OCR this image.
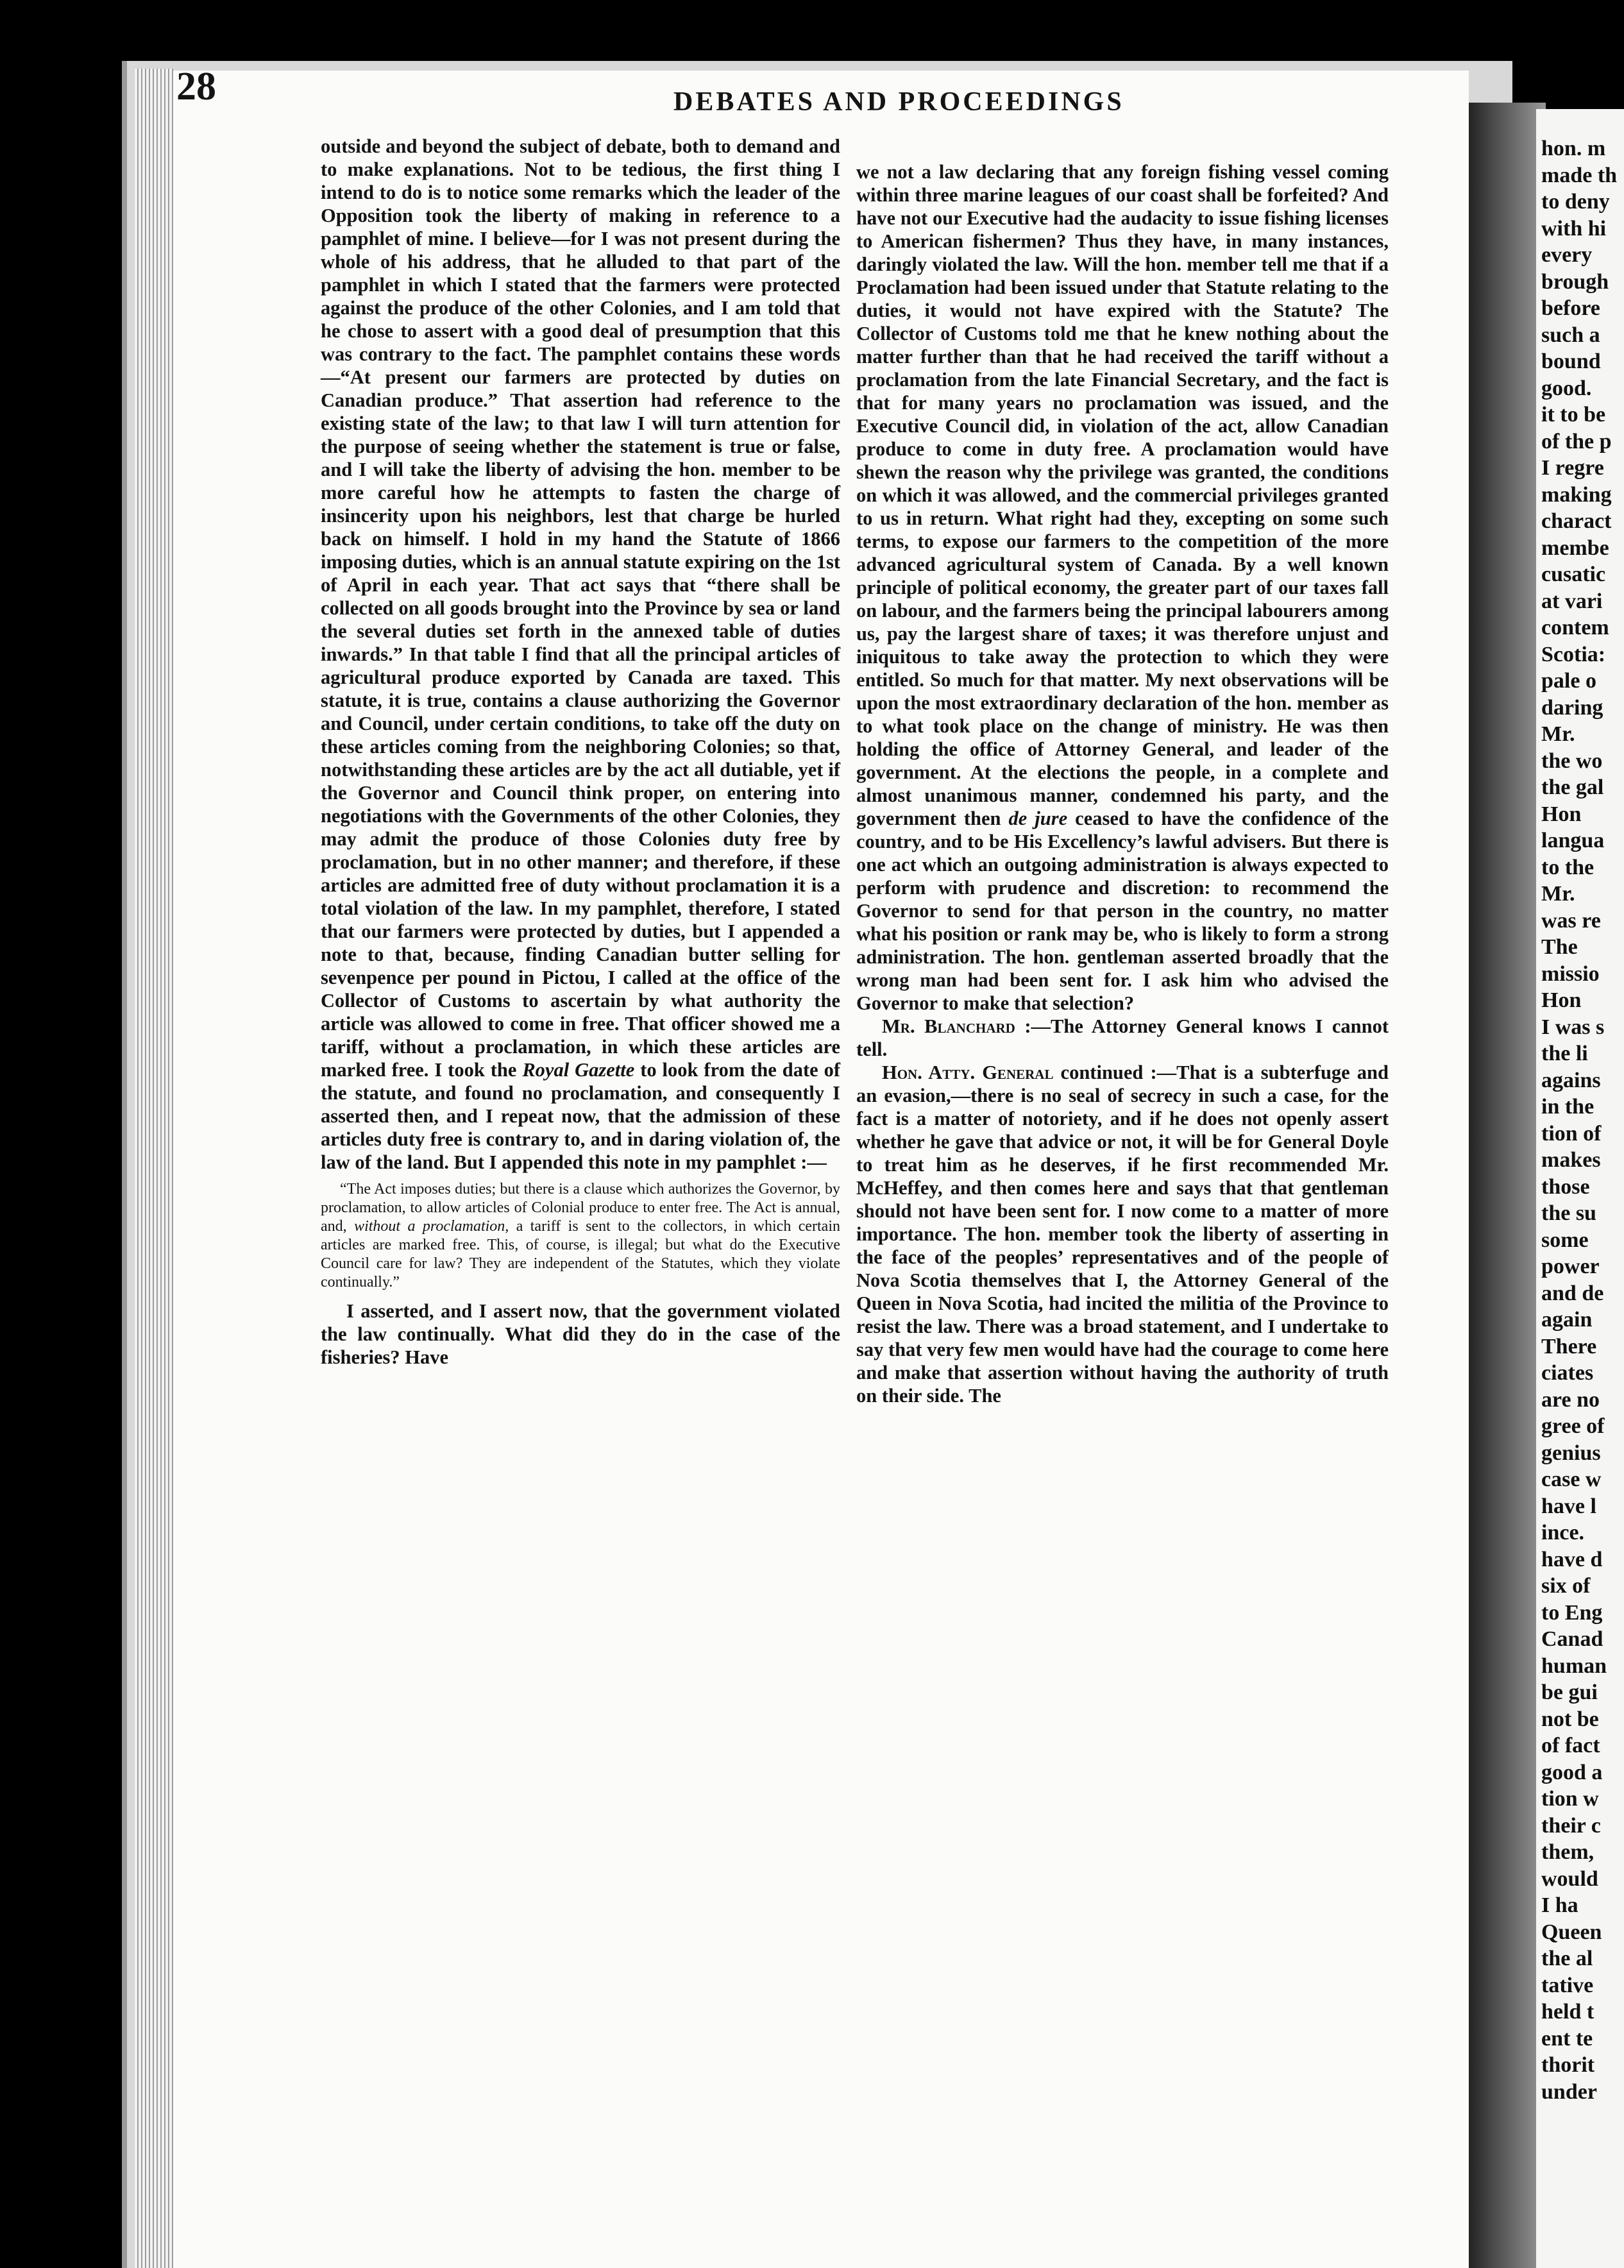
hon. m
made th
to deny
with hi
every
brough
before
such a
bound
good.
it to be
of the p
I regre
making
charact
membe
cusatic
at vari
contem
Scotia:
pale o
daring
Mr.
the wo
the gal
Hon
langua
to the
Mr.
was re
The
missio
Hon
I was s
the li
agains
in the
tion of
makes
those
the su
some
power
and de
again
There
ciates
are no
gree of
genius
case w
have l
ince.
have d
six of
to Eng
Canad
human
be gui
not be
of fact
good a
tion w
their c
them,
would
I ha
Queen
the al
tative
held t
ent te
thorit
under
28	DEBATES AND PROCEEDINGS

outside and beyond the subject of debate, both to demand and to make explanations. Not to be tedious, the first thing I intend to do is to notice some remarks which the leader of the Opposition took the liberty of making in reference to a pamphlet of mine. I believe—for I was not present during the whole of his address, that he alluded to that part of the pamphlet in which I stated that the farmers were protected against the produce of the other Colonies, and I am told that he chose to assert with a good deal of presumption that this was contrary to the fact. The pamphlet contains these words—“At present our farmers are protected by duties on Canadian produce.” That assertion had reference to the existing state of the law; to that law I will turn attention for the purpose of seeing whether the statement is true or false, and I will take the liberty of advising the hon. member to be more careful how he attempts to fasten the charge of insincerity upon his neighbors, lest that charge be hurled back on himself. I hold in my hand the Statute of 1866 imposing duties, which is an annual statute expiring on the 1st of April in each year. That act says that “there shall be collected on all goods brought into the Province by sea or land the several duties set forth in the annexed table of duties inwards.” In that table I find that all the principal articles of agricultural produce exported by Canada are taxed. This statute, it is true, contains a clause authorizing the Governor and Council, under certain conditions, to take off the duty on these articles coming from the neighboring Colonies; so that, notwithstanding these articles are by the act all dutiable, yet if the Governor and Council think proper, on entering into negotiations with the Governments of the other Colonies, they may admit the produce of those Colonies duty free by proclamation, but in no other manner; and therefore, if these articles are admitted free of duty without proclamation it is a total violation of the law. In my pamphlet, therefore, I stated that our farmers were protected by duties, but I appended a note to that, because, finding Canadian butter selling for sevenpence per pound in Pictou, I called at the office of the Collector of Customs to ascertain by what authority the article was allowed to come in free. That officer showed me a tariff, without a proclamation, in which these articles are marked free. I took the Royal Gazette to look from the date of the statute, and found no proclamation, and consequently I asserted then, and I repeat now, that the admission of these articles duty free is contrary to, and in daring violation of, the law of the land. But I appended this note in my pamphlet :—

“The Act imposes duties; but there is a clause which authorizes the Governor, by proclamation, to allow articles of Colonial produce to enter free. The Act is annual, and, without a proclamation, a tariff is sent to the collectors, in which certain articles are marked free. This, of course, is illegal; but what do the Executive Council care for law? They are independent of the Statutes, which they violate continually.”

I asserted, and I assert now, that the government violated the law continually. What did they do in the case of the fisheries? Have

we not a law declaring that any foreign fishing vessel coming within three marine leagues of our coast shall be forfeited? And have not our Executive had the audacity to issue fishing licenses to American fishermen? Thus they have, in many instances, daringly violated the law. Will the hon. member tell me that if a Proclamation had been issued under that Statute relating to the duties, it would not have expired with the Statute? The Collector of Customs told me that he knew nothing about the matter further than that he had received the tariff without a proclamation from the late Financial Secretary, and the fact is that for many years no proclamation was issued, and the Executive Council did, in violation of the act, allow Canadian produce to come in duty free. A proclamation would have shewn the reason why the privilege was granted, the conditions on which it was allowed, and the commercial privileges granted to us in return. What right had they, excepting on some such terms, to expose our farmers to the competition of the more advanced agricultural system of Canada. By a well known principle of political economy, the greater part of our taxes fall on labour, and the farmers being the principal labourers among us, pay the largest share of taxes; it was therefore unjust and iniquitous to take away the protection to which they were entitled. So much for that matter. My next observations will be upon the most extraordinary declaration of the hon. member as to what took place on the change of ministry. He was then holding the office of Attorney General, and leader of the government. At the elections the people, in a complete and almost unanimous manner, condemned his party, and the government then de jure ceased to have the confidence of the country, and to be His Excellency’s lawful advisers. But there is one act which an outgoing administration is always expected to perform with prudence and discretion: to recommend the Governor to send for that person in the country, no matter what his position or rank may be, who is likely to form a strong administration. The hon. gentleman asserted broadly that the wrong man had been sent for. I ask him who advised the Governor to make that selection?

Mr. Blanchard :—The Attorney General knows I cannot tell.

Hon. Atty. General continued :—That is a subterfuge and an evasion,—there is no seal of secrecy in such a case, for the fact is a matter of notoriety, and if he does not openly assert whether he gave that advice or not, it will be for General Doyle to treat him as he deserves, if he first recommended Mr. McHeffey, and then comes here and says that that gentleman should not have been sent for. I now come to a matter of more importance. The hon. member took the liberty of asserting in the face of the peoples’ representatives and of the people of Nova Scotia themselves that I, the Attorney General of the Queen in Nova Scotia, had incited the militia of the Province to resist the law. There was a broad statement, and I undertake to say that very few men would have had the courage to come here and make that assertion without having the authority of truth on their side. The
